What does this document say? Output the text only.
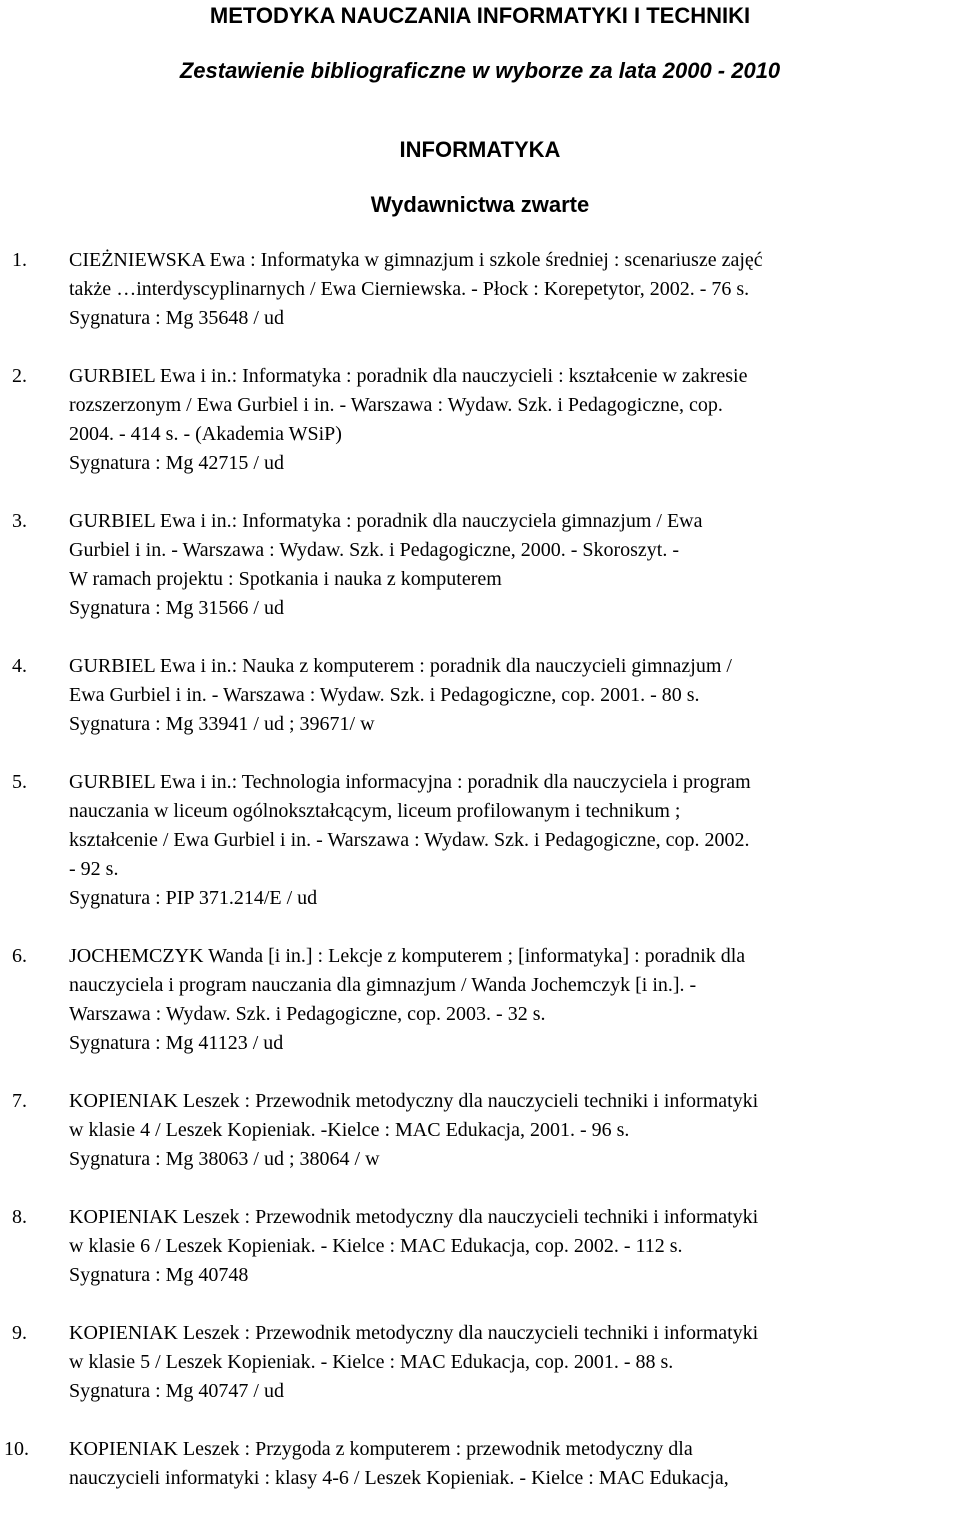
METODYKA NAUCZANIA INFORMATYKI I TECHNIKI
Zestawienie bibliograficzne w wyborze za lata 2000 - 2010
INFORMATYKA
Wydawnictwa zwarte
1. CIEŻNIEWSKA Ewa : Informatyka w gimnazjum i szkole średniej : scenariusze zajęć
także …interdyscyplinarnych / Ewa Cierniewska. - Płock : Korepetytor, 2002. - 76 s.
Sygnatura : Mg 35648 / ud
2. GURBIEL Ewa i in.: Informatyka : poradnik dla nauczycieli : kształcenie w zakresie
rozszerzonym / Ewa Gurbiel i in. - Warszawa : Wydaw. Szk. i Pedagogiczne, cop.
2004. - 414 s. - (Akademia WSiP)
Sygnatura : Mg 42715 / ud
3. GURBIEL Ewa i in.: Informatyka : poradnik dla nauczyciela gimnazjum / Ewa
Gurbiel i in. - Warszawa : Wydaw. Szk. i Pedagogiczne, 2000. - Skoroszyt. -
W ramach projektu : Spotkania i nauka z komputerem
Sygnatura : Mg 31566 / ud
4. GURBIEL Ewa i in.: Nauka z komputerem : poradnik dla nauczycieli gimnazjum /
Ewa Gurbiel i in. - Warszawa : Wydaw. Szk. i Pedagogiczne, cop. 2001. - 80 s.
Sygnatura : Mg 33941 / ud ; 39671/ w
5. GURBIEL Ewa i in.: Technologia informacyjna : poradnik dla nauczyciela i program
nauczania w liceum ogólnokształcącym, liceum profilowanym i technikum ;
kształcenie / Ewa Gurbiel i in. - Warszawa : Wydaw. Szk. i Pedagogiczne, cop. 2002.
- 92 s.
Sygnatura : PIP 371.214/E / ud
6. JOCHEMCZYK Wanda [i in.] : Lekcje z komputerem ; [informatyka] : poradnik dla
nauczyciela i program nauczania dla gimnazjum / Wanda Jochemczyk [i in.]. -
Warszawa : Wydaw. Szk. i Pedagogiczne, cop. 2003. - 32 s.
Sygnatura : Mg 41123 / ud
7. KOPIENIAK Leszek : Przewodnik metodyczny dla nauczycieli techniki i informatyki
w klasie 4 / Leszek Kopieniak. -Kielce : MAC Edukacja, 2001. - 96 s.
Sygnatura : Mg 38063 / ud ; 38064 / w
8. KOPIENIAK Leszek : Przewodnik metodyczny dla nauczycieli techniki i informatyki
w klasie 6 / Leszek Kopieniak. - Kielce : MAC Edukacja, cop. 2002. - 112 s.
Sygnatura : Mg 40748
9. KOPIENIAK Leszek : Przewodnik metodyczny dla nauczycieli techniki i informatyki
w klasie 5 / Leszek Kopieniak. - Kielce : MAC Edukacja, cop. 2001. - 88 s.
Sygnatura : Mg 40747 / ud
10. KOPIENIAK Leszek : Przygoda z komputerem : przewodnik metodyczny dla
nauczycieli informatyki : klasy 4-6 / Leszek Kopieniak. - Kielce : MAC Edukacja,
